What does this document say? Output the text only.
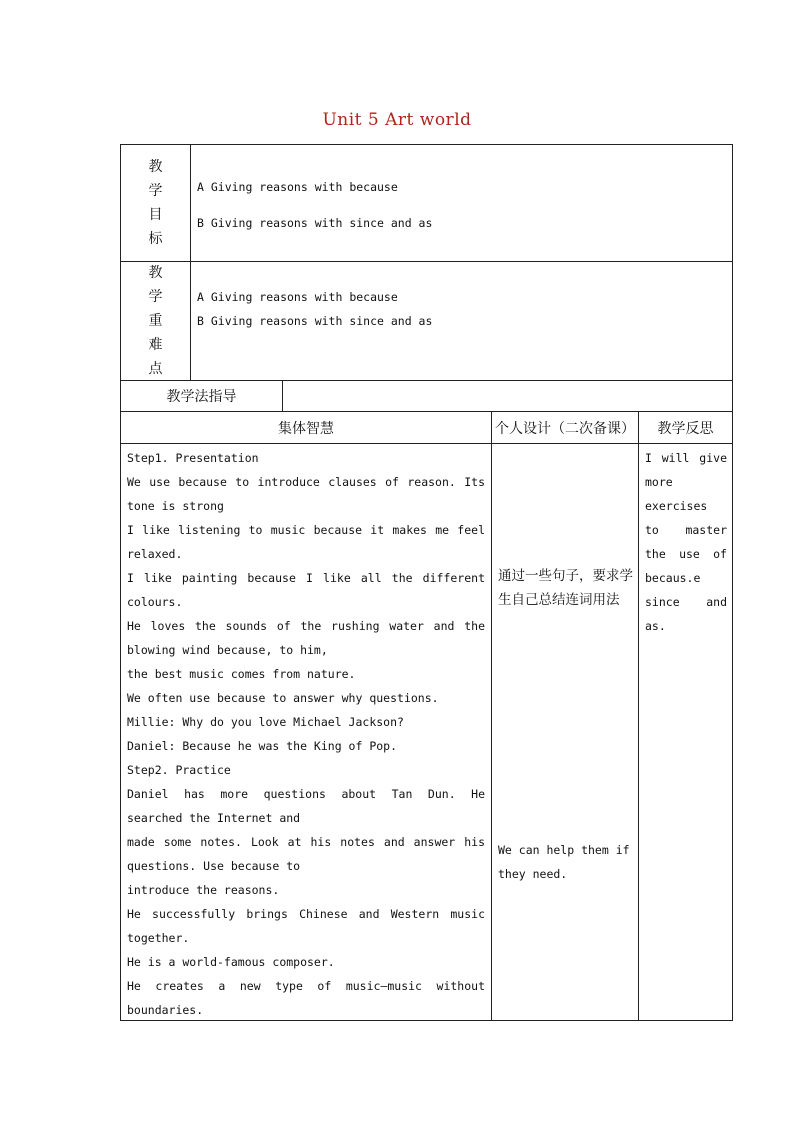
Unit 5 Art world
教
学
目
标
A Giving reasons with because
B Giving reasons with since and as
教
学
重
难
点
A Giving reasons with because
B Giving reasons with since and as
教学法指导
集体智慧	个人设计（二次备课）	教学反思

Step1. Presentation

We use because to introduce clauses of reason. Its tone is strong

I like listening to music because it makes me feel relaxed.

I like painting because I like all the different colours.

He loves the sounds of the rushing water and the blowing wind because, to him,

the best music comes from nature.

We often use because to answer why questions.

Millie: Why do you love Michael Jackson?

Daniel: Because he was the King of Pop.

Step2. Practice

Daniel has more questions about Tan Dun. He searched the Internet and

made some notes. Look at his notes and answer his questions. Use because to

introduce the reasons.

He successfully brings Chinese and Western music together.

He is a world-famous composer.

He creates a new type of music—music without boundaries.

通过一些句子，要求学生自己总结连词用法
We can help them if they need.

I will give

more

exercises

to master

the use of

becaus.e

since and

as.
